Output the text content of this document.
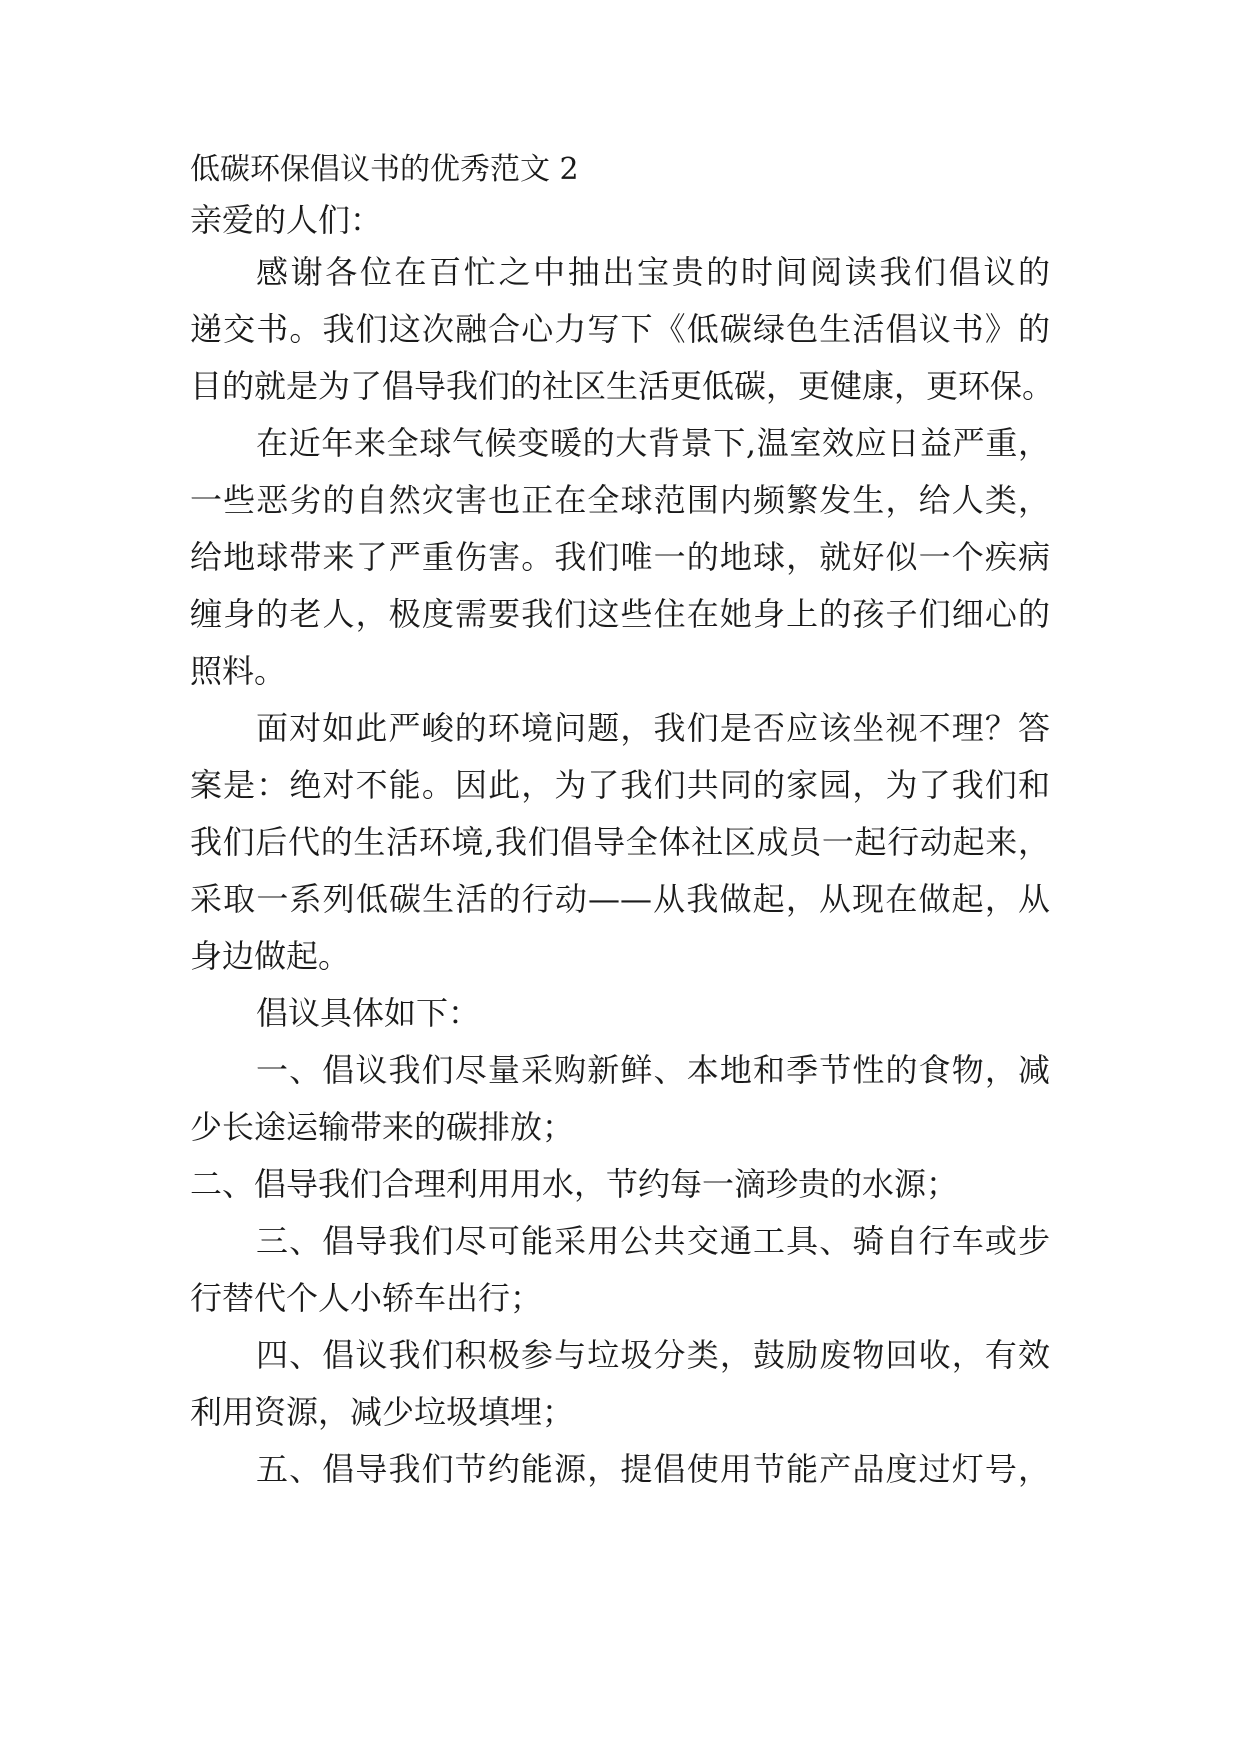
低碳环保倡议书的优秀范文 2
亲爱的人们：
感谢各位在百忙之中抽出宝贵的时间阅读我们倡议的
递交书。我们这次融合心力写下《低碳绿色生活倡议书》的
目的就是为了倡导我们的社区生活更低碳，更健康，更环保。
在近年来全球气候变暖的大背景下,温室效应日益严重，
一些恶劣的自然灾害也正在全球范围内频繁发生，给人类，
给地球带来了严重伤害。我们唯一的地球，就好似一个疾病
缠身的老人，极度需要我们这些住在她身上的孩子们细心的
照料。
面对如此严峻的环境问题，我们是否应该坐视不理？答
案是：绝对不能。因此，为了我们共同的家园，为了我们和
我们后代的生活环境,我们倡导全体社区成员一起行动起来，
采取一系列低碳生活的行动——从我做起，从现在做起，从
身边做起。
倡议具体如下：
一、倡议我们尽量采购新鲜、本地和季节性的食物，减
少长途运输带来的碳排放；
二、倡导我们合理利用用水，节约每一滴珍贵的水源；
三、倡导我们尽可能采用公共交通工具、骑自行车或步
行替代个人小轿车出行；
四、倡议我们积极参与垃圾分类，鼓励废物回收，有效
利用资源，减少垃圾填埋；
五、倡导我们节约能源，提倡使用节能产品度过灯号，
